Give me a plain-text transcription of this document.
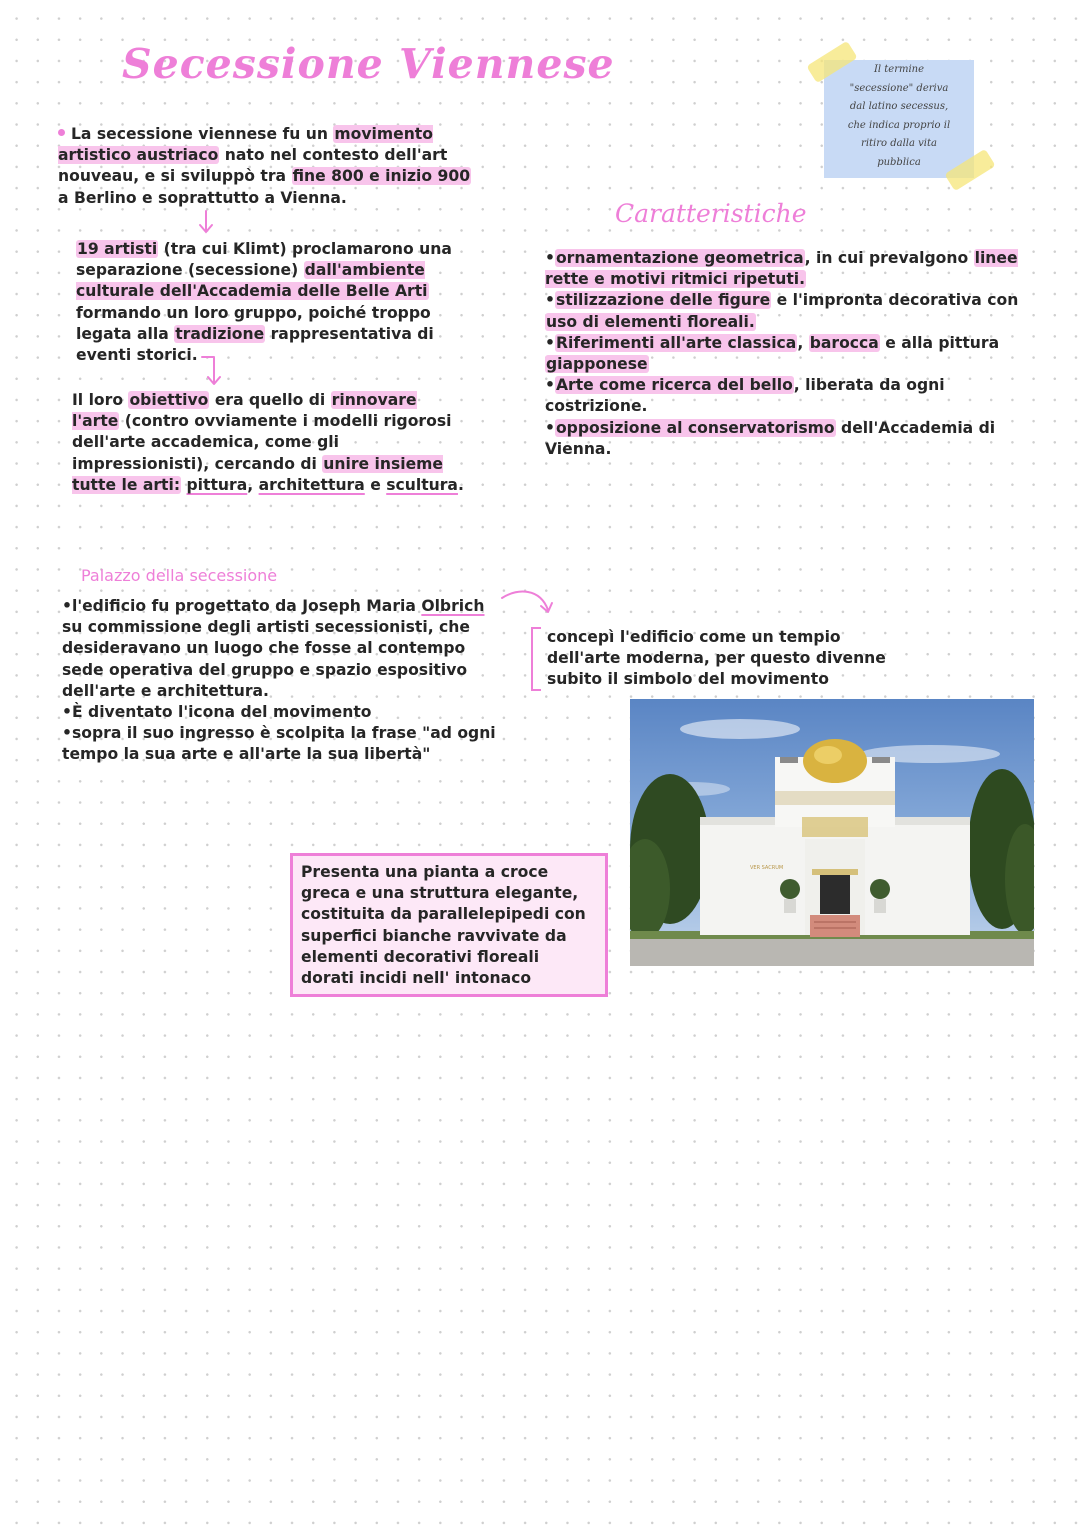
Secessione Viennese	Il termine
"secessione" deriva
dal latino secessus,
che indica proprio il
ritiro dalla vita
pubblica

La secessione viennese fu un movimento artistico austriaco nato nel contesto dell'art nouveau, e si sviluppò tra fine 800 e inizio 900 a Berlino e soprattutto a Vienna.

19 artisti (tra cui Klimt) proclamarono una separazione (secessione) dall'ambiente culturale dell'Accademia delle Belle Arti formando un loro gruppo, poiché troppo legata alla tradizione rappresentativa di eventi storici.

Il loro obiettivo era quello di rinnovare l'arte (contro ovviamente i modelli rigorosi dell'arte accademica, come gli impressionisti), cercando di unire insieme tutte le arti: pittura, architettura e scultura.

Caratteristiche

•ornamentazione geometrica, in cui prevalgono linee rette e motivi ritmici ripetuti.

•stilizzazione delle figure e l'impronta decorativa con uso di elementi floreali.

•Riferimenti all'arte classica, barocca e alla pittura giapponese

•Arte come ricerca del bello, liberata da ogni costrizione.

•opposizione al conservatorismo dell'Accademia di Vienna.

Palazzo della secessione

•l'edificio fu progettato da Joseph Maria Olbrich su commissione degli artisti secessionisti, che desideravano un luogo che fosse al contempo sede operativa del gruppo e spazio espositivo dell'arte e architettura.

•È diventato l'icona del movimento

•sopra il suo ingresso è scolpita la frase "ad ogni tempo la sua arte e all'arte la sua libertà"

concepì l'edificio come un tempio dell'arte moderna, per questo divenne subito il simbolo del movimento
VER SACRUM
Presenta una pianta a croce greca e una struttura elegante, costituita da parallelepipedi con superfici bianche ravvivate da elementi decorativi floreali dorati incidi nell' intonaco
